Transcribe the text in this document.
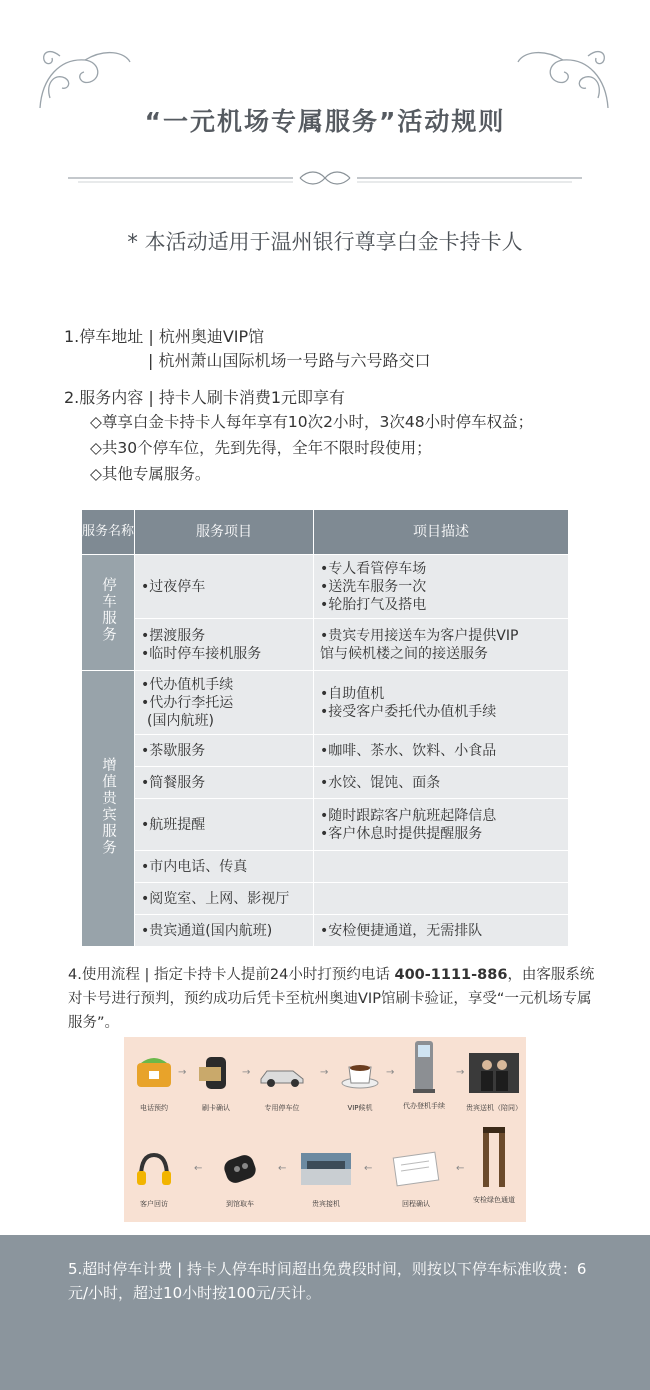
“一元机场专属服务”活动规则
* 本活动适用于温州银行尊享白金卡持卡人
1.停车地址 | 杭州奥迪VIP馆
| 杭州萧山国际机场一号路与六号路交口
2.服务内容 | 持卡人刷卡消费1元即享有
◇尊享白金卡持卡人每年享有10次2小时，3次48小时停车权益；
◇共30个停车位，先到先得，全年不限时段使用；
◇其他专属服务。
服务名称	服务项目	项目描述
停车服务	•过夜停车	•专人看管停车场
•送洗车服务一次
•轮胎打气及搭电

	•摆渡服务
•临时停车接机服务	•贵宾专用接送车为客户提供VIP
馆与候机楼之间的接送服务

增值贵宾服务	•代办值机手续
•代办行李托运
(国内航班)	•自助值机
•接受客户委托代办值机手续

	•茶歇服务	•咖啡、茶水、饮料、小食品

	•简餐服务	•水饺、馄饨、面条

	•航班提醒	•随时跟踪客户航班起降信息
•客户休息时提供提醒服务

	•市内电话、传真	

	•阅览室、上网、影视厅	

	•贵宾通道(国内航班)	•安检便捷通道，无需排队
4.使用流程 | 指定卡持卡人提前24小时打预约电话 400-1111-886，由客服系统对卡号进行预判，预约成功后凭卡至杭州奥迪VIP馆刷卡验证，享受“一元机场专属服务”。
电话预约
→
刷卡确认
→
专用停车位
→
VIP候机
→
代办登机手续
→
贵宾送机（陪同）
客户回访
←
到馆取车
←
贵宾接机
←
回程确认
←
安检绿色通道
5.超时停车计费 | 持卡人停车时间超出免费段时间，则按以下停车标准收费：6元/小时，超过10小时按100元/天计。
